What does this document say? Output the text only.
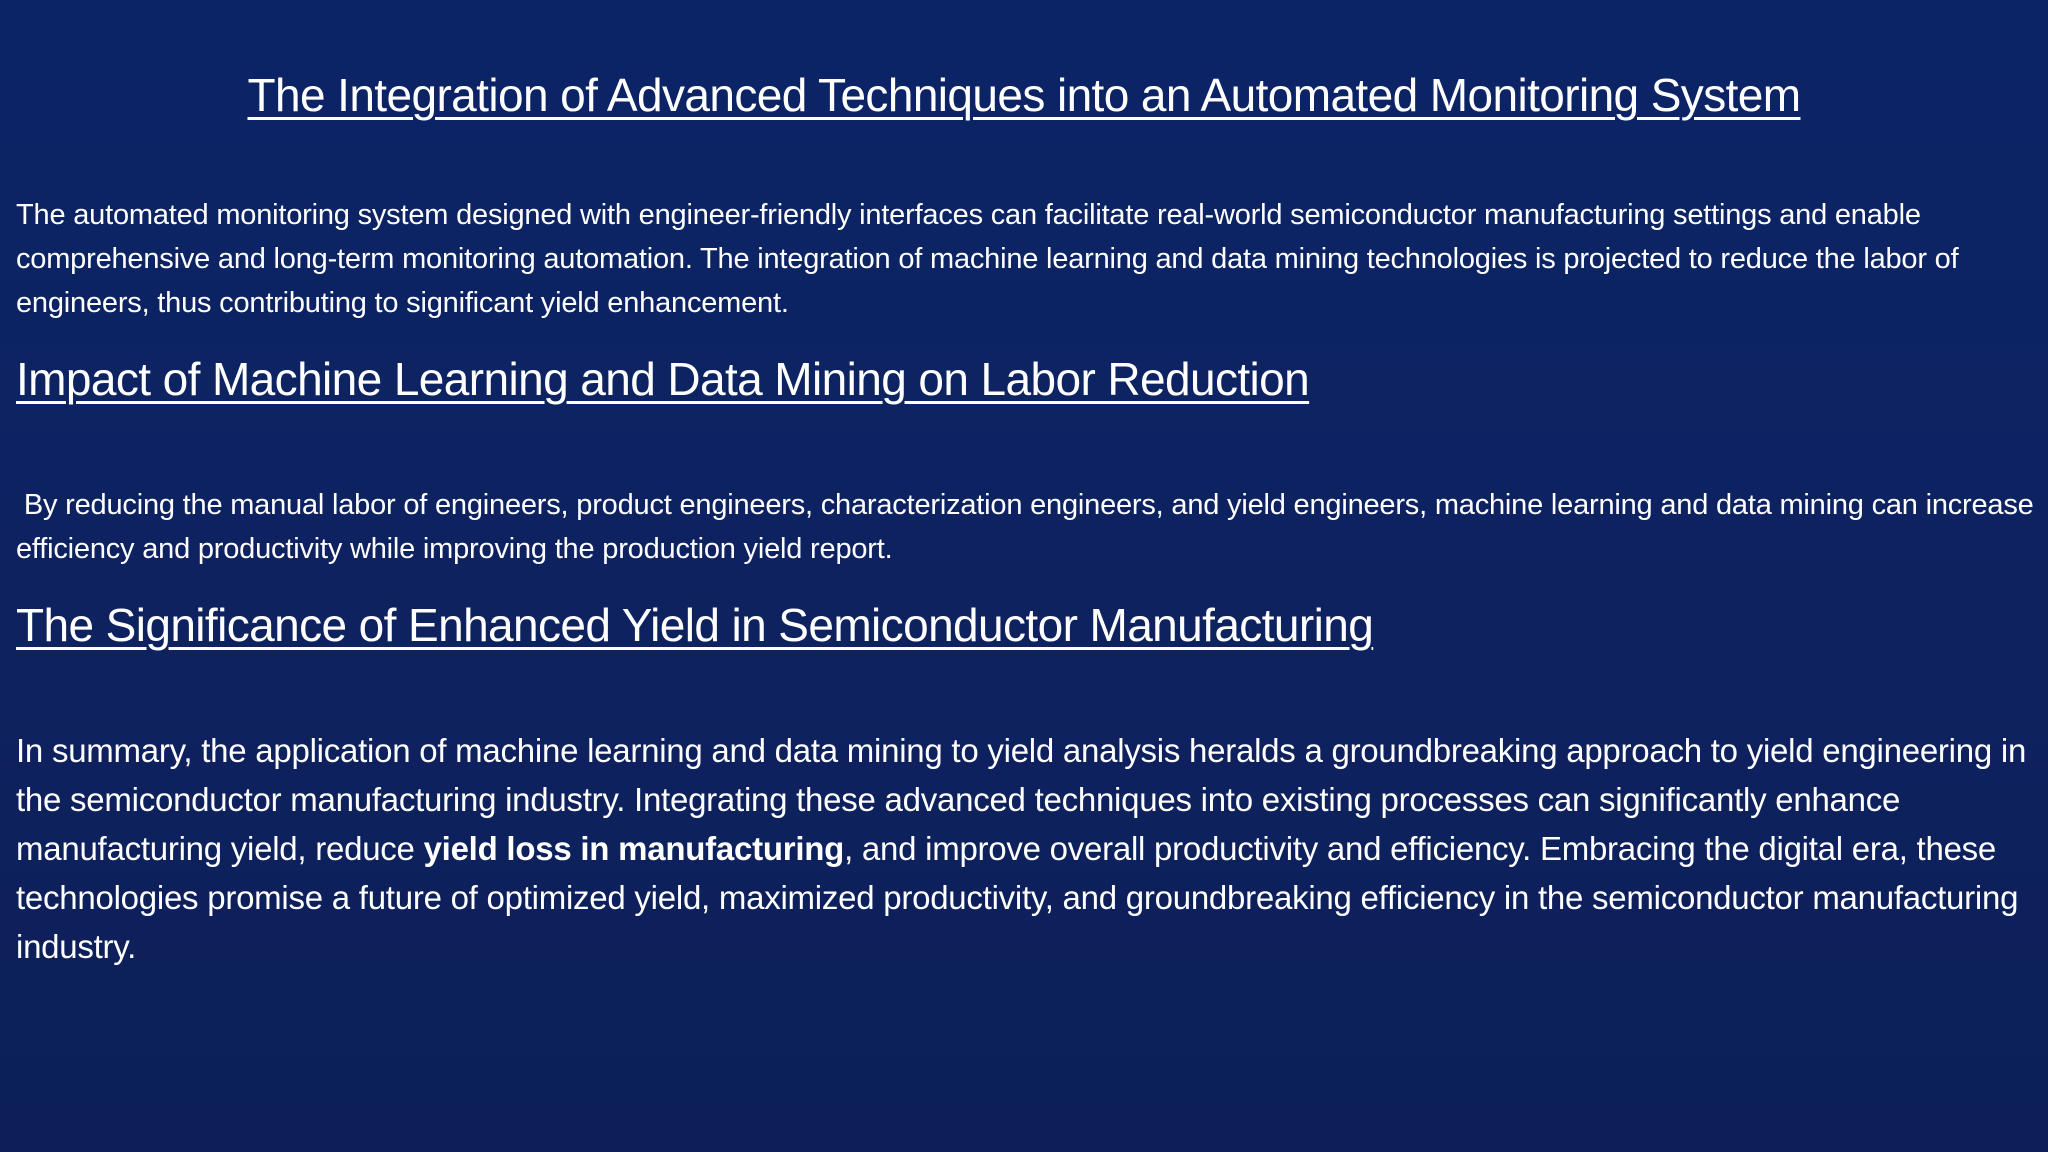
The Integration of Advanced Techniques into an Automated Monitoring System

The automated monitoring system designed with engineer-friendly interfaces can facilitate real-world semiconductor manufacturing settings and enable comprehensive and long-term monitoring automation. The integration of machine learning and data mining technologies is projected to reduce the labor of engineers, thus contributing to significant yield enhancement.

Impact of Machine Learning and Data Mining on Labor Reduction

By reducing the manual labor of engineers, product engineers, characterization engineers, and yield engineers, machine learning and data mining can increase efficiency and productivity while improving the production yield report.

The Significance of Enhanced Yield in Semiconductor Manufacturing

In summary, the application of machine learning and data mining to yield analysis heralds a groundbreaking approach to yield engineering in the semiconductor manufacturing industry. Integrating these advanced techniques into existing processes can significantly enhance manufacturing yield, reduce yield loss in manufacturing, and improve overall productivity and efficiency. Embracing the digital era, these technologies promise a future of optimized yield, maximized productivity, and groundbreaking efficiency in the semiconductor manufacturing industry.
